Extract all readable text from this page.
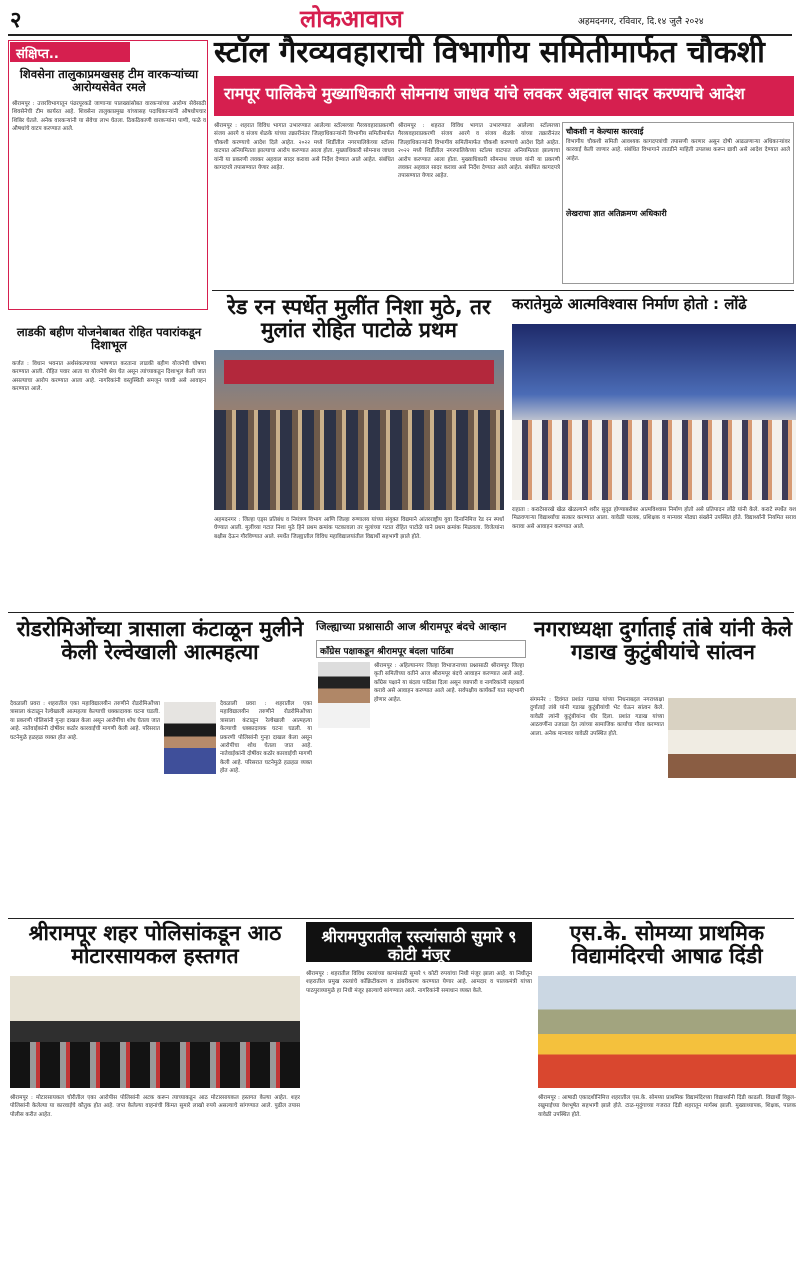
२	लोकआवाज	अहमदनगर, रविवार, दि.१४ जुलै २०२४
संक्षिप्त..
शिवसेना तालुकाप्रमखसह टीम वारकऱ्यांच्या आरोग्यसेवेत रमले
श्रीरामपूर : उत्तरविभागातून पंढरपूरकडे जाणाऱ्या पालख्यांसोबत वारकऱ्यांच्या आरोग्य सेवेसाठी शिवसेनेची टीम कार्यरत आहे. शिवसेना तालुकाप्रमुख यांच्यासह पदाधिकाऱ्यांनी औषधोपचार शिबिर घेतले. अनेक वारकऱ्यांनी या सेवेचा लाभ घेतला. ठिकठिकाणी वारकऱ्यांना पाणी, फळे व औषधांचे वाटप करण्यात आले.
लाडकी बहीण योजनेबाबत रोहित पवारांकडून दिशाभूल
कर्जत : विधान भवनात अर्थसंकल्पाच्या भाषणात करताना लाडकी बहीण योजनेची घोषणा करण्यात आली. रोहित पवार आता या योजनेचे श्रेय घेत असून त्यांच्याकडून दिशाभूल केली जात असल्याचा आरोप करण्यात आला आहे. नागरिकांनी वस्तुस्थिती समजून घ्यावी असे आवाहन करण्यात आले.
स्टॉल गैरव्यवहाराची विभागीय समितीमार्फत चौकशी
रामपूर पालिकेचे मुख्याधिकारी सोमनाथ जाधव यांचे लवकर अहवाल सादर करण्याचे आदेश
श्रीरामपूर : शहरात विविध भागात उभारण्यात आलेल्या स्टॉल्सच्या गैरव्यवहाराप्रकरणी संजय आरगे व संजय शेळके यांच्या तक्रारीनंतर जिल्हाधिकाऱ्यांनी विभागीय समितीमार्फत चौकशी करण्याचे आदेश दिले आहेत. २०२२ मध्ये शिर्डीतील नगरपालिकेच्या स्टॉल्स वाटपात अनियमितता झाल्याचा आरोप करण्यात आला होता. मुख्याधिकारी सोमनाथ जाधव यांनी या प्रकरणी लवकर अहवाल सादर करावा असे निर्देश देण्यात आले आहेत. संबंधित कागदपत्रे तपासण्यात येणार आहेत.
श्रीरामपूर : शहरात विविध भागात उभारण्यात आलेल्या स्टॉल्सच्या गैरव्यवहाराप्रकरणी संजय आरगे व संजय शेळके यांच्या तक्रारीनंतर जिल्हाधिकाऱ्यांनी विभागीय समितीमार्फत चौकशी करण्याचे आदेश दिले आहेत. २०२२ मध्ये शिर्डीतील नगरपालिकेच्या स्टॉल्स वाटपात अनियमितता झाल्याचा आरोप करण्यात आला होता. मुख्याधिकारी सोमनाथ जाधव यांनी या प्रकरणी लवकर अहवाल सादर करावा असे निर्देश देण्यात आले आहेत. संबंधित कागदपत्रे तपासण्यात येणार आहेत.
चौकशी न केल्यास कारवाई
लेखराचा ज्ञात अतिक्रमण अधिकारी
विभागीय चौकशी समिती आवश्यक कागदपत्रांची तपासणी करणार असून दोषी आढळणाऱ्या अधिकाऱ्यांवर कारवाई केली जाणार आहे. संबंधित विभागाने तातडीने माहिती उपलब्ध करून द्यावी असे आदेश देण्यात आले आहेत.
रेड रन स्पर्धेत मुलींत निशा मुठे, तर मुलांत रोहित पाटोळे प्रथम
अहमदनगर : जिल्हा एड्स प्रतिबंध व नियंत्रण विभाग आणि जिल्हा रुग्णालय यांच्या संयुक्त विद्यमाने आंतरराष्ट्रीय युवा दिनानिमित्त रेड रन स्पर्धा घेण्यात आली. मुलींच्या गटात निशा मुठे हिने प्रथम क्रमांक पटकावला तर मुलांच्या गटात रोहित पाटोळे याने प्रथम क्रमांक मिळवला. विजेत्यांना बक्षीस देऊन गौरविण्यात आले. स्पर्धेत जिल्ह्यातील विविध महाविद्यालयांतील विद्यार्थी सहभागी झाले होते.
करातेमुळे आत्मविश्वास निर्माण होतो : लोंढे
राहाता : कराटेसारखे खेळ खेळल्याने शरीर सुदृढ होण्याबरोबर आत्मविश्वास निर्माण होतो असे प्रतिपादन लोंढे यांनी केले. कराटे स्पर्धेत यश मिळवणाऱ्या विद्यार्थ्यांचा सत्कार करण्यात आला. यावेळी पालक, प्रशिक्षक व मान्यवर मोठ्या संख्येने उपस्थित होते. विद्यार्थ्यांनी नियमित सराव करावा असे आवाहन करण्यात आले.
रोडरोमिओंच्या त्रासाला कंटाळून मुलीने केली रेल्वेखाली आत्महत्या
देवळाली प्रवरा : शहरातील एका महाविद्यालयीन तरुणीने रोडरोमिओंच्या त्रासाला कंटाळून रेल्वेखाली आत्महत्या केल्याची धक्कादायक घटना घडली. या प्रकरणी पोलिसांनी गुन्हा दाखल केला असून आरोपींचा शोध घेतला जात आहे. नातेवाईकांनी दोषींवर कठोर कारवाईची मागणी केली आहे. परिसरात घटनेमुळे हळहळ व्यक्त होत आहे.
देवळाली प्रवरा : शहरातील एका महाविद्यालयीन तरुणीने रोडरोमिओंच्या त्रासाला कंटाळून रेल्वेखाली आत्महत्या केल्याची धक्कादायक घटना घडली. या प्रकरणी पोलिसांनी गुन्हा दाखल केला असून आरोपींचा शोध घेतला जात आहे. नातेवाईकांनी दोषींवर कठोर कारवाईची मागणी केली आहे. परिसरात घटनेमुळे हळहळ व्यक्त होत आहे.
जिल्ह्याच्या प्रश्नासाठी आज श्रीरामपूर बंदचे आव्हान
काँग्रेस पक्षाकडून श्रीरामपूर बंदला पाठिंबा
श्रीरामपूर : अहिल्यानगर जिल्हा विभाजनाच्या प्रश्नासाठी श्रीरामपूर जिल्हा कृती समितीच्या वतीने आज श्रीरामपूर बंदचे आवाहन करण्यात आले आहे. काँग्रेस पक्षाने या बंदला पाठिंबा दिला असून व्यापारी व नागरिकांनी सहकार्य करावे असे आवाहन करण्यात आले आहे. सर्वपक्षीय कार्यकर्ते यात सहभागी होणार आहेत.
नगराध्यक्षा दुर्गाताई तांबे यांनी केले गडाख कुटुंबीयांचे सांत्वन
संगमनेर : दिवंगत प्रशांत गडाख यांच्या निधनाबद्दल नगराध्यक्षा दुर्गाताई तांबे यांनी गडाख कुटुंबीयांची भेट घेऊन सांत्वन केले. यावेळी त्यांनी कुटुंबीयांना धीर दिला. प्रशांत गडाख यांच्या आठवणींना उजाळा देत त्यांच्या सामाजिक कार्याचा गौरव करण्यात आला. अनेक मान्यवर यावेळी उपस्थित होते.
श्रीरामपूर शहर पोलिसांकडून आठ मोटारसायकल हस्तगत
श्रीरामपूर : मोटारसायकल चोरीतील एका आरोपीस पोलिसांनी अटक करून त्याच्याकडून आठ मोटारसायकल हस्तगत केल्या आहेत. शहर पोलिसांनी केलेल्या या कारवाईचे कौतुक होत आहे. जप्त केलेल्या वाहनांची किंमत सुमारे लाखो रुपये असल्याचे सांगण्यात आले. पुढील तपास पोलीस करीत आहेत.
श्रीरामपुरातील रस्त्यांसाठी सुमारे ९ कोटी मंजूर
श्रीरामपूर : शहरातील विविध रस्त्यांच्या कामांसाठी सुमारे ९ कोटी रुपयांचा निधी मंजूर झाला आहे. या निधीतून शहरातील प्रमुख रस्त्यांचे काँक्रिटीकरण व डांबरीकरण करण्यात येणार आहे. आमदार व पालकमंत्री यांच्या पाठपुराव्यामुळे हा निधी मंजूर झाल्याचे सांगण्यात आले. नागरिकांनी समाधान व्यक्त केले.
एस.के. सोमय्या प्राथमिक विद्यामंदिरची आषाढ दिंडी
श्रीरामपूर : आषाढी एकादशीनिमित्त शहरातील एस.के. सोमय्या प्राथमिक विद्यामंदिरच्या विद्यार्थ्यांनी दिंडी काढली. विद्यार्थी विठ्ठल-रखुमाईच्या वेशभूषेत सहभागी झाले होते. टाळ-मृदुंगाच्या गजरात दिंडी शहरातून मार्गस्थ झाली. मुख्याध्यापक, शिक्षक, पालक यावेळी उपस्थित होते.
